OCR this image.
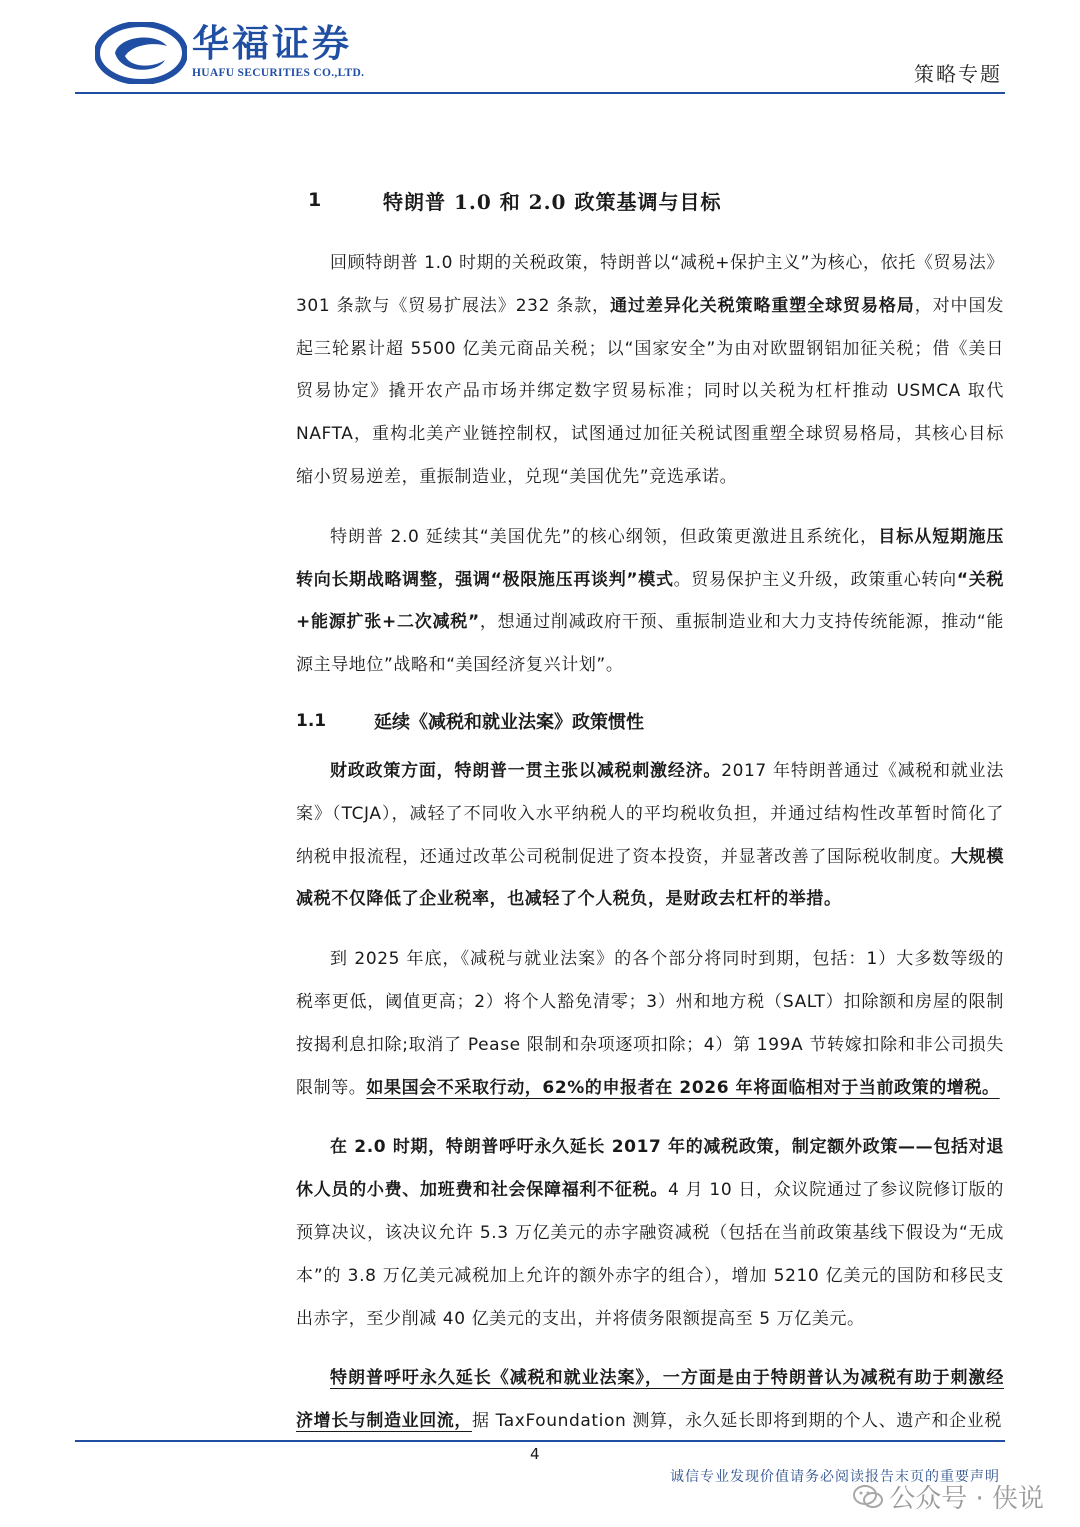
华福证券
HUAFU SECURITIES CO.,LTD.	策略专题
1	特朗普 1.0 和 2.0 政策基调与目标

回顾特朗普 1.0 时期的关税政策，特朗普以“减税+保护主义”为核心，依托《贸易法》301 条款与《贸易扩展法》232 条款，通过差异化关税策略重塑全球贸易格局，对中国发起三轮累计超 5500 亿美元商品关税；以“国家安全”为由对欧盟钢铝加征关税；借《美日贸易协定》撬开农产品市场并绑定数字贸易标准；同时以关税为杠杆推动 USMCA 取代 NAFTA，重构北美产业链控制权，试图通过加征关税试图重塑全球贸易格局，其核心目标缩小贸易逆差，重振制造业，兑现“美国优先”竞选承诺。

特朗普 2.0 延续其“美国优先”的核心纲领，但政策更激进且系统化，目标从短期施压转向长期战略调整，强调“极限施压再谈判”模式。贸易保护主义升级，政策重心转向“关税+能源扩张+二次减税”，想通过削减政府干预、重振制造业和大力支持传统能源，推动“能源主导地位”战略和“美国经济复兴计划”。

1.1	延续《减税和就业法案》政策惯性

财政政策方面，特朗普一贯主张以减税刺激经济。2017 年特朗普通过《减税和就业法案》（TCJA），减轻了不同收入水平纳税人的平均税收负担，并通过结构性改革暂时简化了纳税申报流程，还通过改革公司税制促进了资本投资，并显著改善了国际税收制度。大规模减税不仅降低了企业税率，也减轻了个人税负，是财政去杠杆的举措。

到 2025 年底，《减税与就业法案》的各个部分将同时到期，包括：1）大多数等级的税率更低，阈值更高；2）将个人豁免清零；3）州和地方税（SALT）扣除额和房屋的限制按揭利息扣除;取消了 Pease 限制和杂项逐项扣除；4）第 199A 节转嫁扣除和非公司损失限制等。如果国会不采取行动，62%的申报者在 2026 年将面临相对于当前政策的增税。

在 2.0 时期，特朗普呼吁永久延长 2017 年的减税政策，制定额外政策——包括对退休人员的小费、加班费和社会保障福利不征税。4 月 10 日，众议院通过了参议院修订版的预算决议，该决议允许 5.3 万亿美元的赤字融资减税（包括在当前政策基线下假设为“无成本”的 3.8 万亿美元减税加上允许的额外赤字的组合），增加 5210 亿美元的国防和移民支出赤字，至少削减 40 亿美元的支出，并将债务限额提高至 5 万亿美元。

特朗普呼吁永久延长《减税和就业法案》，一方面是由于特朗普认为减税有助于刺激经济增长与制造业回流，据 TaxFoundation 测算，永久延长即将到期的个人、遗产和企业税

4
诚信专业发现价值请务必阅读报告末页的重要声明
公众号 · 侠说
